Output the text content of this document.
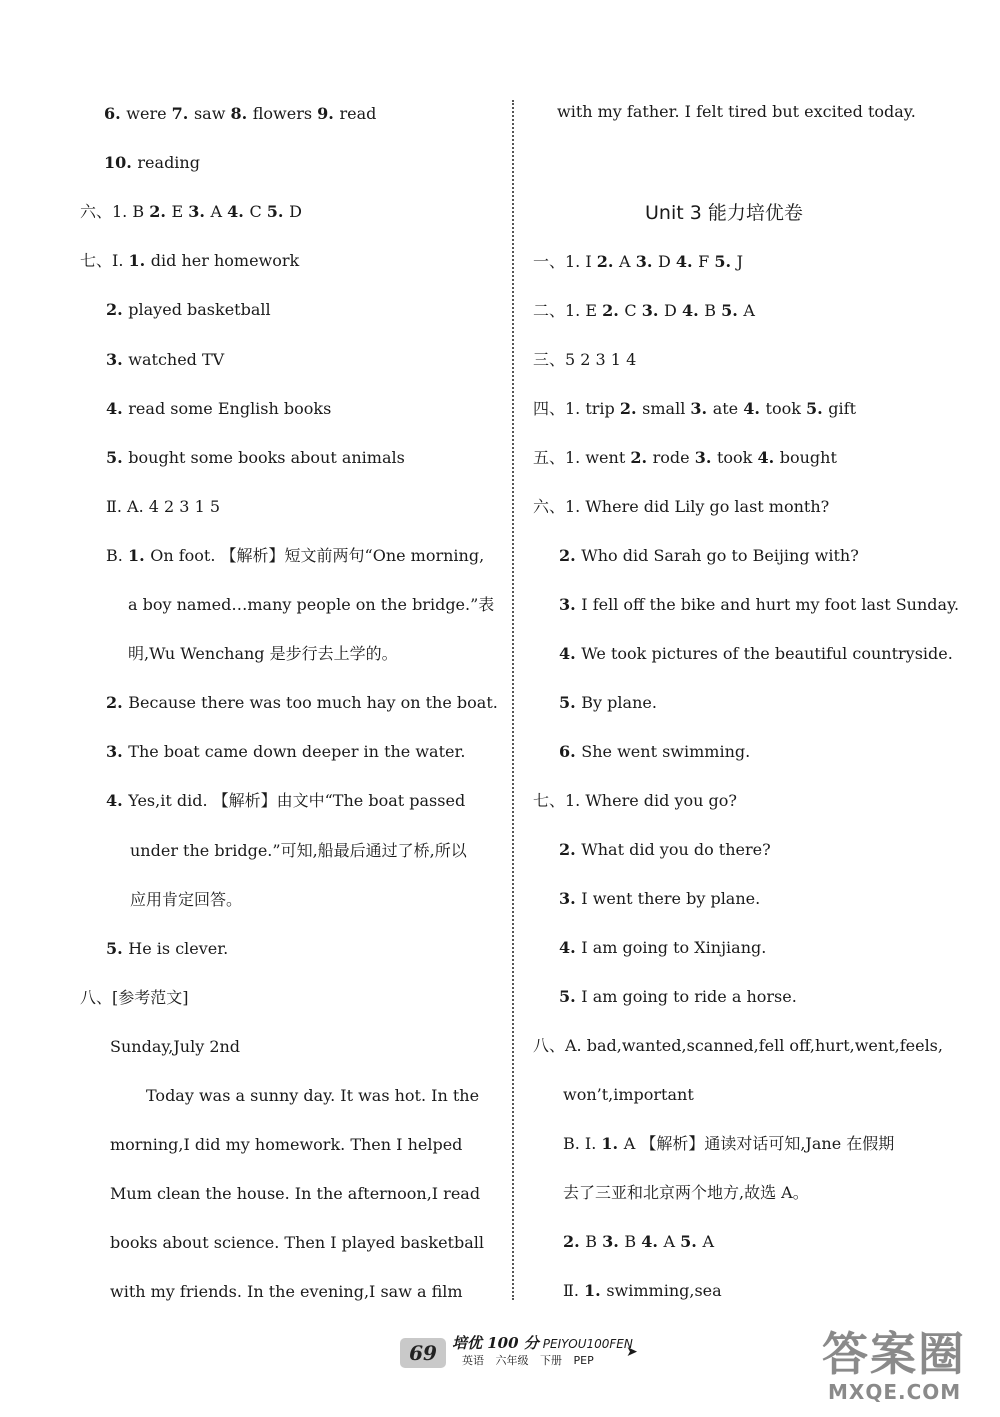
6. were 7. saw 8. flowers 9. read
10. reading
六、1. B 2. E 3. A 4. C 5. D
七、Ⅰ. 1. did her homework
2. played basketball
3. watched TV
4. read some English books
5. bought some books about animals
Ⅱ. A. 4 2 3 1 5
B. 1. On foot. 【解析】短文前两句“One morning,
a boy named…many people on the bridge.”表
明,Wu Wenchang 是步行去上学的。
2. Because there was too much hay on the boat.
3. The boat came down deeper in the water.
4. Yes,it did. 【解析】由文中“The boat passed
under the bridge.”可知,船最后通过了桥,所以
应用肯定回答。
5. He is clever.
八、[参考范文]
Sunday,July 2nd
Today was a sunny day. It was hot. In the
morning,I did my homework. Then I helped
Mum clean the house. In the afternoon,I read
books about science. Then I played basketball
with my friends. In the evening,I saw a film
with my father. I felt tired but excited today.
Unit 3 能力培优卷
一、1. I 2. A 3. D 4. F 5. J
二、1. E 2. C 3. D 4. B 5. A
三、5 2 3 1 4
四、1. trip 2. small 3. ate 4. took 5. gift
五、1. went 2. rode 3. took 4. bought
六、1. Where did Lily go last month?
2. Who did Sarah go to Beijing with?
3. I fell off the bike and hurt my foot last Sunday.
4. We took pictures of the beautiful countryside.
5. By plane.
6. She went swimming.
七、1. Where did you go?
2. What did you do there?
3. I went there by plane.
4. I am going to Xinjiang.
5. I am going to ride a horse.
八、A. bad,wanted,scanned,fell off,hurt,went,feels,
won’t,important
B. Ⅰ. 1. A 【解析】通读对话可知,Jane 在假期
去了三亚和北京两个地方,故选 A。
2. B 3. B 4. A 5. A
Ⅱ. 1. swimming,sea
69	培优 100 分 PEIYOU100FEN
英语 六年级 下册 PEP
➤	答案圈
MXQE.COM
